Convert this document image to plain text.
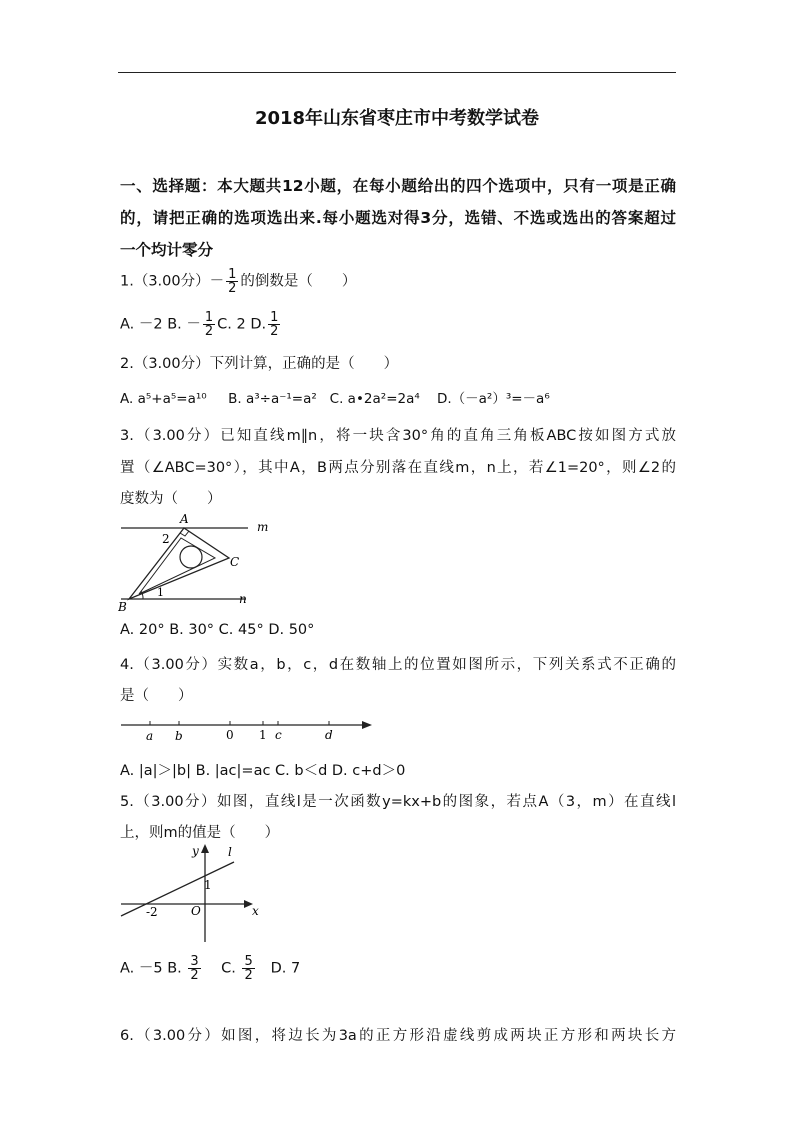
2018年山东省枣庄市中考数学试卷
一、选择题：本大题共12小题，在每小题给出的四个选项中，只有一项是正确
的，请把正确的选项选出来.每小题选对得3分，选错、不选或选出的答案超过
一个均计零分
1.（3.00分）－ $\frac{1}{2}$ 的倒数是（　　）
A. －2 B. － $\frac{1}{2} C$. 2 D. $\frac{1}{2}$
2.（3.00分）下列计算，正确的是（　　）
A. a⁵+a⁵=a¹⁰ B. a³÷a⁻¹=a² C. a•2a²=2a⁴ D.（－a²）³=－a⁶
3.（3.00分）已知直线m∥n，将一块含30°角的直角三角板ABC按如图方式放
置（∠ABC=30°），其中A，B两点分别落在直线m，n上，若∠1=20°，则∠2的
度数为（　　）
A
m
2
C
1
B
n
A. 20° B. 30° C. 45° D. 50°
4.（3.00分）实数a，b，c，d在数轴上的位置如图所示，下列关系式不正确的
是（　　）
a b	0 1 c	d
A. |a|＞|b| B. |ac|=ac C. b＜d D. c+d＞0
5.（3.00分）如图，直线l是一次函数y=kx+b的图象，若点A（3，m）在直线l
上，则m的值是（　　）
y l
1
-2	O	x
A. －5 B. $\frac{3}{2} C$. $\frac{5}{2} D$. 7
6.（3.00分）如图，将边长为3a的正方形沿虚线剪成两块正方形和两块长方
